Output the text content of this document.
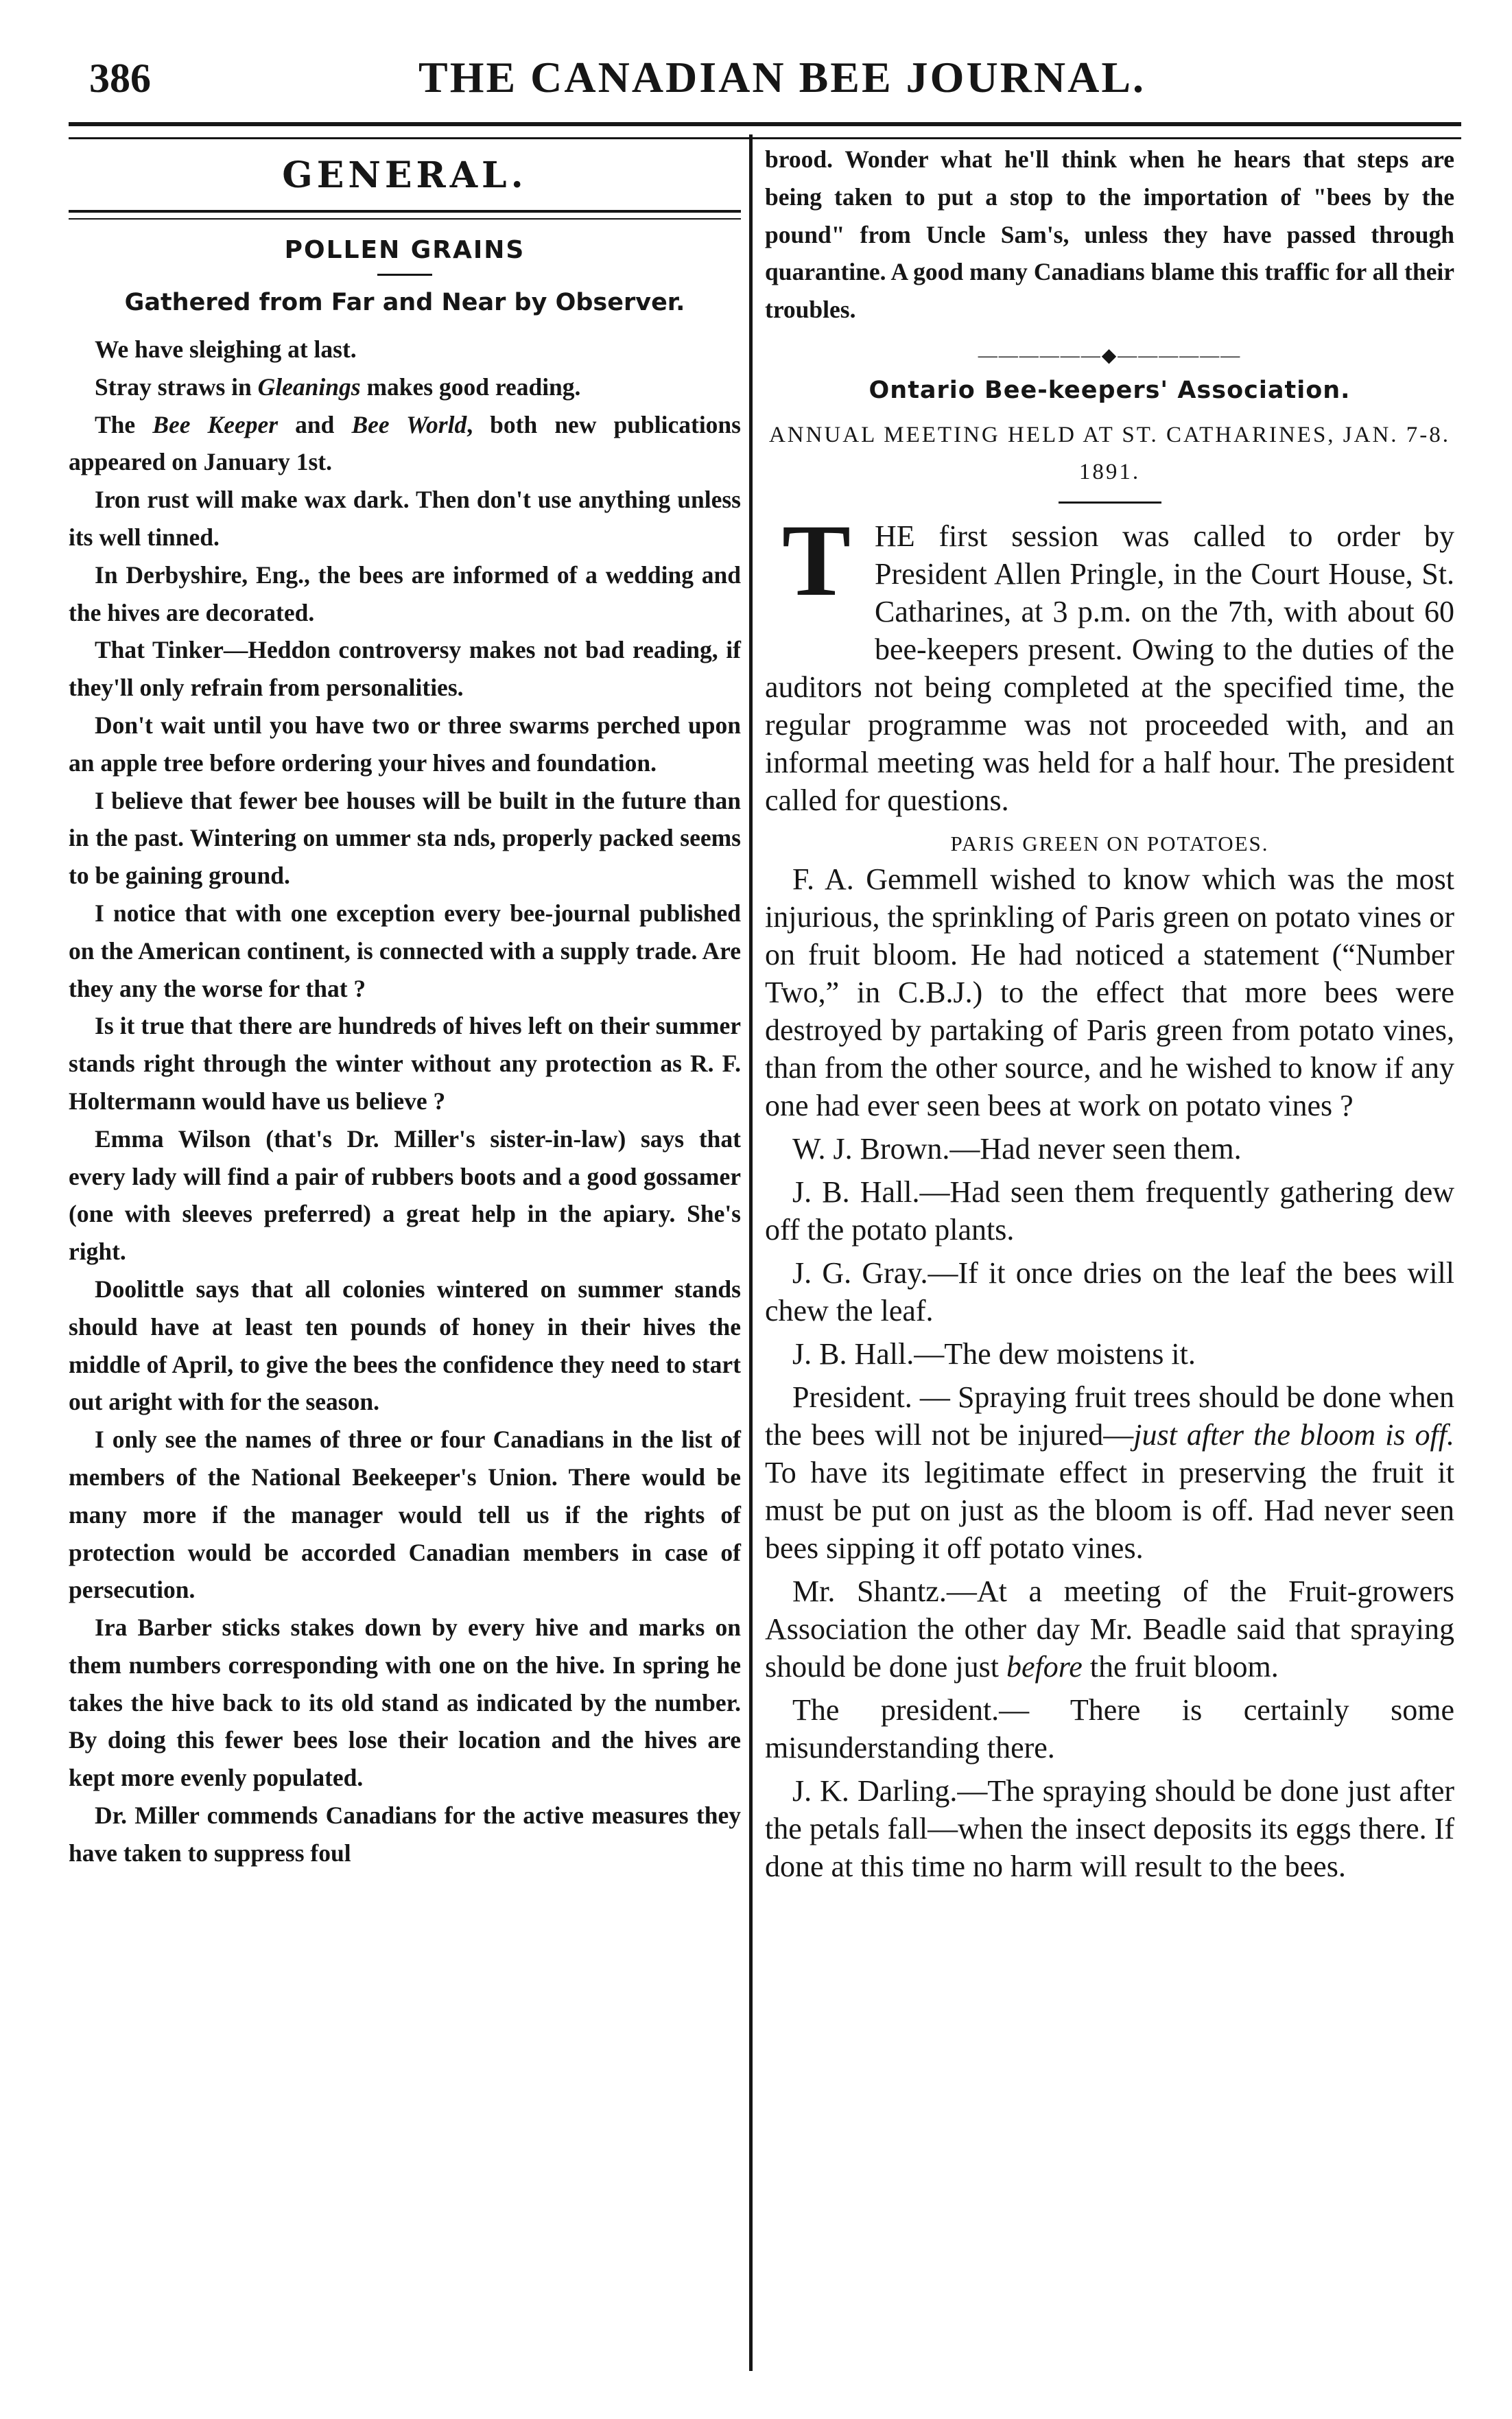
386	THE CANADIAN BEE JOURNAL.
GENERAL.
POLLEN GRAINS
Gathered from Far and Near by Observer.

We have sleighing at last.

Stray straws in Gleanings makes good reading.

The Bee Keeper and Bee World, both new publications appeared on January 1st.

Iron rust will make wax dark. Then don't use anything unless its well tinned.

In Derbyshire, Eng., the bees are informed of a wedding and the hives are decorated.

That Tinker—Heddon controversy makes not bad reading, if they'll only refrain from personalities.

Don't wait until you have two or three swarms perched upon an apple tree before ordering your hives and foundation.

I believe that fewer bee houses will be built in the future than in the past. Wintering on ummer sta nds, properly packed seems to be gaining ground.

I notice that with one exception every bee-journal published on the American continent, is connected with a supply trade. Are they any the worse for that ?

Is it true that there are hundreds of hives left on their summer stands right through the winter without any protection as R. F. Holtermann would have us believe ?

Emma Wilson (that's Dr. Miller's sister-in-law) says that every lady will find a pair of rubbers boots and a good gossamer (one with sleeves preferred) a great help in the apiary. She's right.

Doolittle says that all colonies wintered on summer stands should have at least ten pounds of honey in their hives the middle of April, to give the bees the confidence they need to start out aright with for the season.

I only see the names of three or four Canadians in the list of members of the National Beekeeper's Union. There would be many more if the manager would tell us if the rights of protection would be accorded Canadian members in case of persecution.

Ira Barber sticks stakes down by every hive and marks on them numbers corresponding with one on the hive. In spring he takes the hive back to its old stand as indicated by the number. By doing this fewer bees lose their location and the hives are kept more evenly populated.

Dr. Miller commends Canadians for the active measures they have taken to suppress foul

brood. Wonder what he'll think when he hears that steps are being taken to put a stop to the importation of "bees by the pound" from Uncle Sam's, unless they have passed through quarantine. A good many Canadians blame this traffic for all their troubles.

——————◆——————
Ontario Bee-keepers' Association.
ANNUAL MEETING HELD AT ST. CATHARINES, JAN. 7-8. 1891.
T HE first session was called to order by President Allen Pringle, in the Court House, St. Catharines, at 3 p.m. on the 7th, with about 60 bee-keepers present. Owing to the duties of the auditors not being completed at the specified time, the regular programme was not proceeded with, and an informal meeting was held for a half hour. The president called for questions.

PARIS GREEN ON POTATOES.

F. A. Gemmell wished to know which was the most injurious, the sprinkling of Paris green on potato vines or on fruit bloom. He had noticed a statement (“Number Two,” in C.B.J.) to the effect that more bees were destroyed by partaking of Paris green from potato vines, than from the other source, and he wished to know if any one had ever seen bees at work on potato vines ?

W. J. Brown.—Had never seen them.

J. B. Hall.—Had seen them frequently gathering dew off the potato plants.

J. G. Gray.—If it once dries on the leaf the bees will chew the leaf.

J. B. Hall.—The dew moistens it.

President. — Spraying fruit trees should be done when the bees will not be injured—just after the bloom is off. To have its legitimate effect in preserving the fruit it must be put on just as the bloom is off. Had never seen bees sipping it off potato vines.

Mr. Shantz.—At a meeting of the Fruit-growers Association the other day Mr. Beadle said that spraying should be done just before the fruit bloom.

The president.— There is certainly some misunderstanding there.

J. K. Darling.—The spraying should be done just after the petals fall—when the insect deposits its eggs there. If done at this time no harm will result to the bees.
